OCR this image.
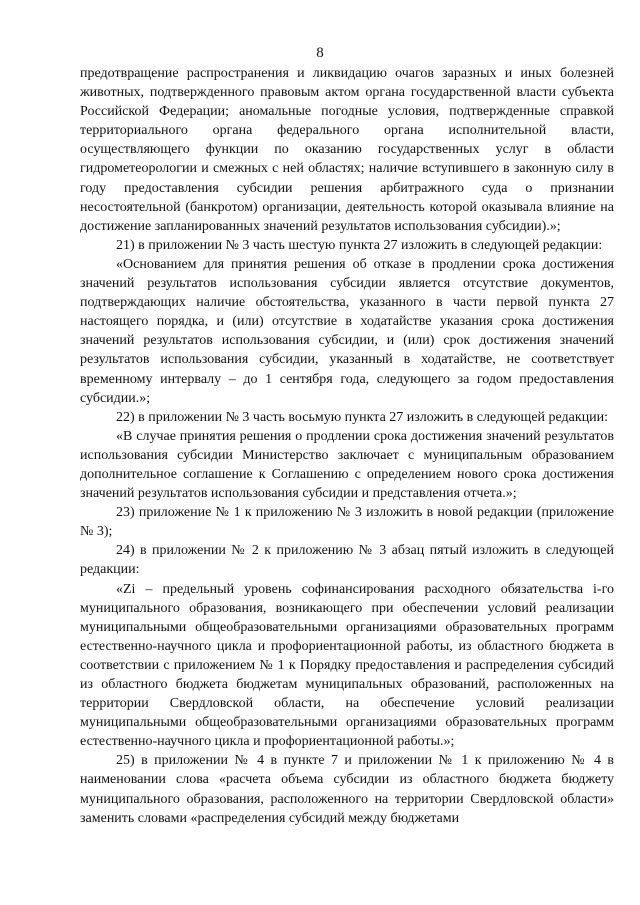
8

предотвращение распространения и ликвидацию очагов заразных и иных болезней животных, подтвержденного правовым актом органа государственной власти субъекта Российской Федерации; аномальные погодные условия, подтвержденные справкой территориального органа федерального органа исполнительной власти, осуществляющего функции по оказанию государственных услуг в области гидрометеорологии и смежных с ней областях; наличие вступившего в законную силу в году предоставления субсидии решения арбитражного суда о признании несостоятельной (банкротом) организации, деятельность которой оказывала влияние на достижение запланированных значений результатов использования субсидии).»;

21) в приложении № 3 часть шестую пункта 27 изложить в следующей редакции:

«Основанием для принятия решения об отказе в продлении срока достижения значений результатов использования субсидии является отсутствие документов, подтверждающих наличие обстоятельства, указанного в части первой пункта 27 настоящего порядка, и (или) отсутствие в ходатайстве указания срока достижения значений результатов использования субсидии, и (или) срок достижения значений результатов использования субсидии, указанный в ходатайстве, не соответствует временному интервалу – до 1 сентября года, следующего за годом предоставления субсидии.»;

22) в приложении № 3 часть восьмую пункта 27 изложить в следующей редакции:

«В случае принятия решения о продлении срока достижения значений результатов использования субсидии Министерство заключает с муниципальным образованием дополнительное соглашение к Соглашению с определением нового срока достижения значений результатов использования субсидии и представления отчета.»;

23) приложение № 1 к приложению № 3 изложить в новой редакции (приложение № 3);

24) в приложении № 2 к приложению № 3 абзац пятый изложить в следующей редакции:

«Zi – предельный уровень софинансирования расходного обязательства i-го муниципального образования, возникающего при обеспечении условий реализации муниципальными общеобразовательными организациями образовательных программ естественно-научного цикла и профориентационной работы, из областного бюджета в соответствии с приложением № 1 к Порядку предоставления и распределения субсидий из областного бюджета бюджетам муниципальных образований, расположенных на территории Свердловской области, на обеспечение условий реализации муниципальными общеобразовательными организациями образовательных программ естественно-научного цикла и профориентационной работы.»;

25) в приложении № 4 в пункте 7 и приложении № 1 к приложению № 4 в наименовании слова «расчета объема субсидии из областного бюджета бюджету муниципального образования, расположенного на территории Свердловской области» заменить словами «распределения субсидий между бюджетами
